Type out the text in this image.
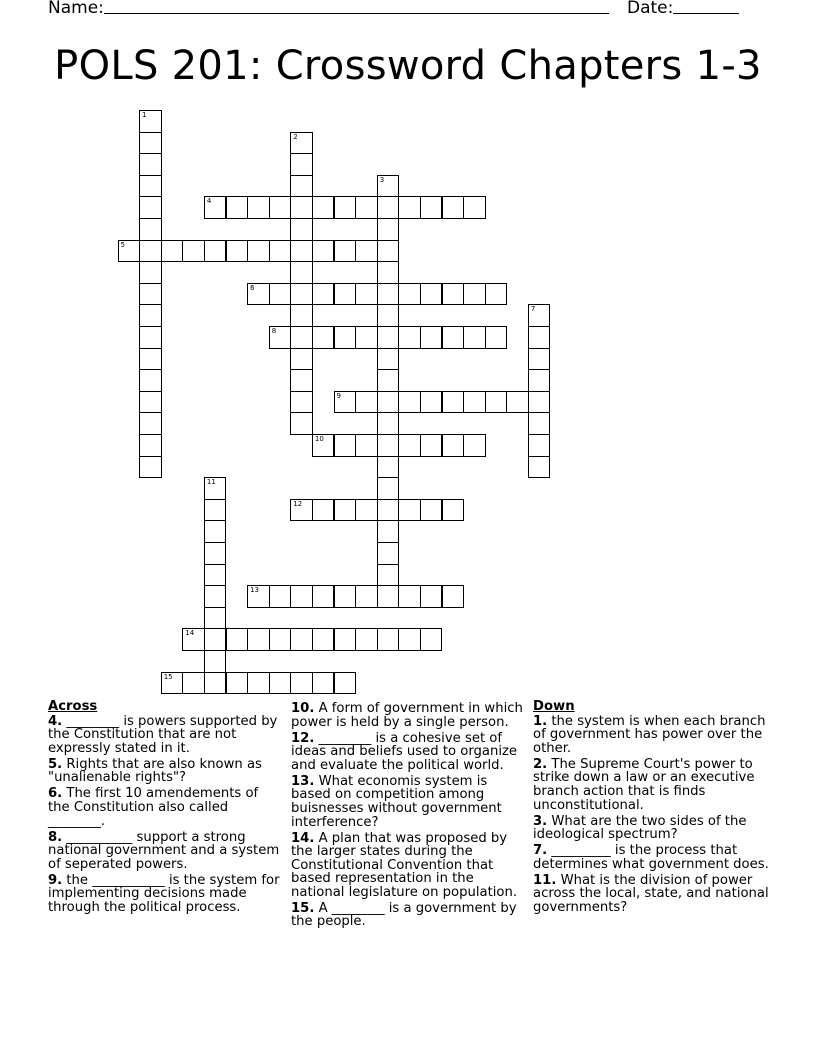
Name:	Date:
POLS 201: Crossword Chapters 1-3
1
2
3
4
5
6
7
8
9
10
11
12
13
14
15
Across
4. ________ is powers supported by the Constitution that are not expressly stated in it.
5. Rights that are also known as "unalienable rights"?
6. The first 10 amendements of the Constitution also called ________.
8. __________ support a strong national government and a system of seperated powers.
9. the ___________ is the system for implementing decisions made through the political process.
10. A form of government in which power is held by a single person.
12. ________ is a cohesive set of ideas and beliefs used to organize and evaluate the political world.
13. What economis system is based on competition among buisnesses without government interference?
14. A plan that was proposed by the larger states during the Constitutional Convention that based representation in the national legislature on population.
15. A ________ is a government by the people.
Down
1. the system is when each branch of government has power over the other.
2. The Supreme Court's power to strike down a law or an executive branch action that is finds unconstitutional.
3. What are the two sides of the ideological spectrum?
7. _________ is the process that determines what government does.
11. What is the division of power across the local, state, and national governments?
